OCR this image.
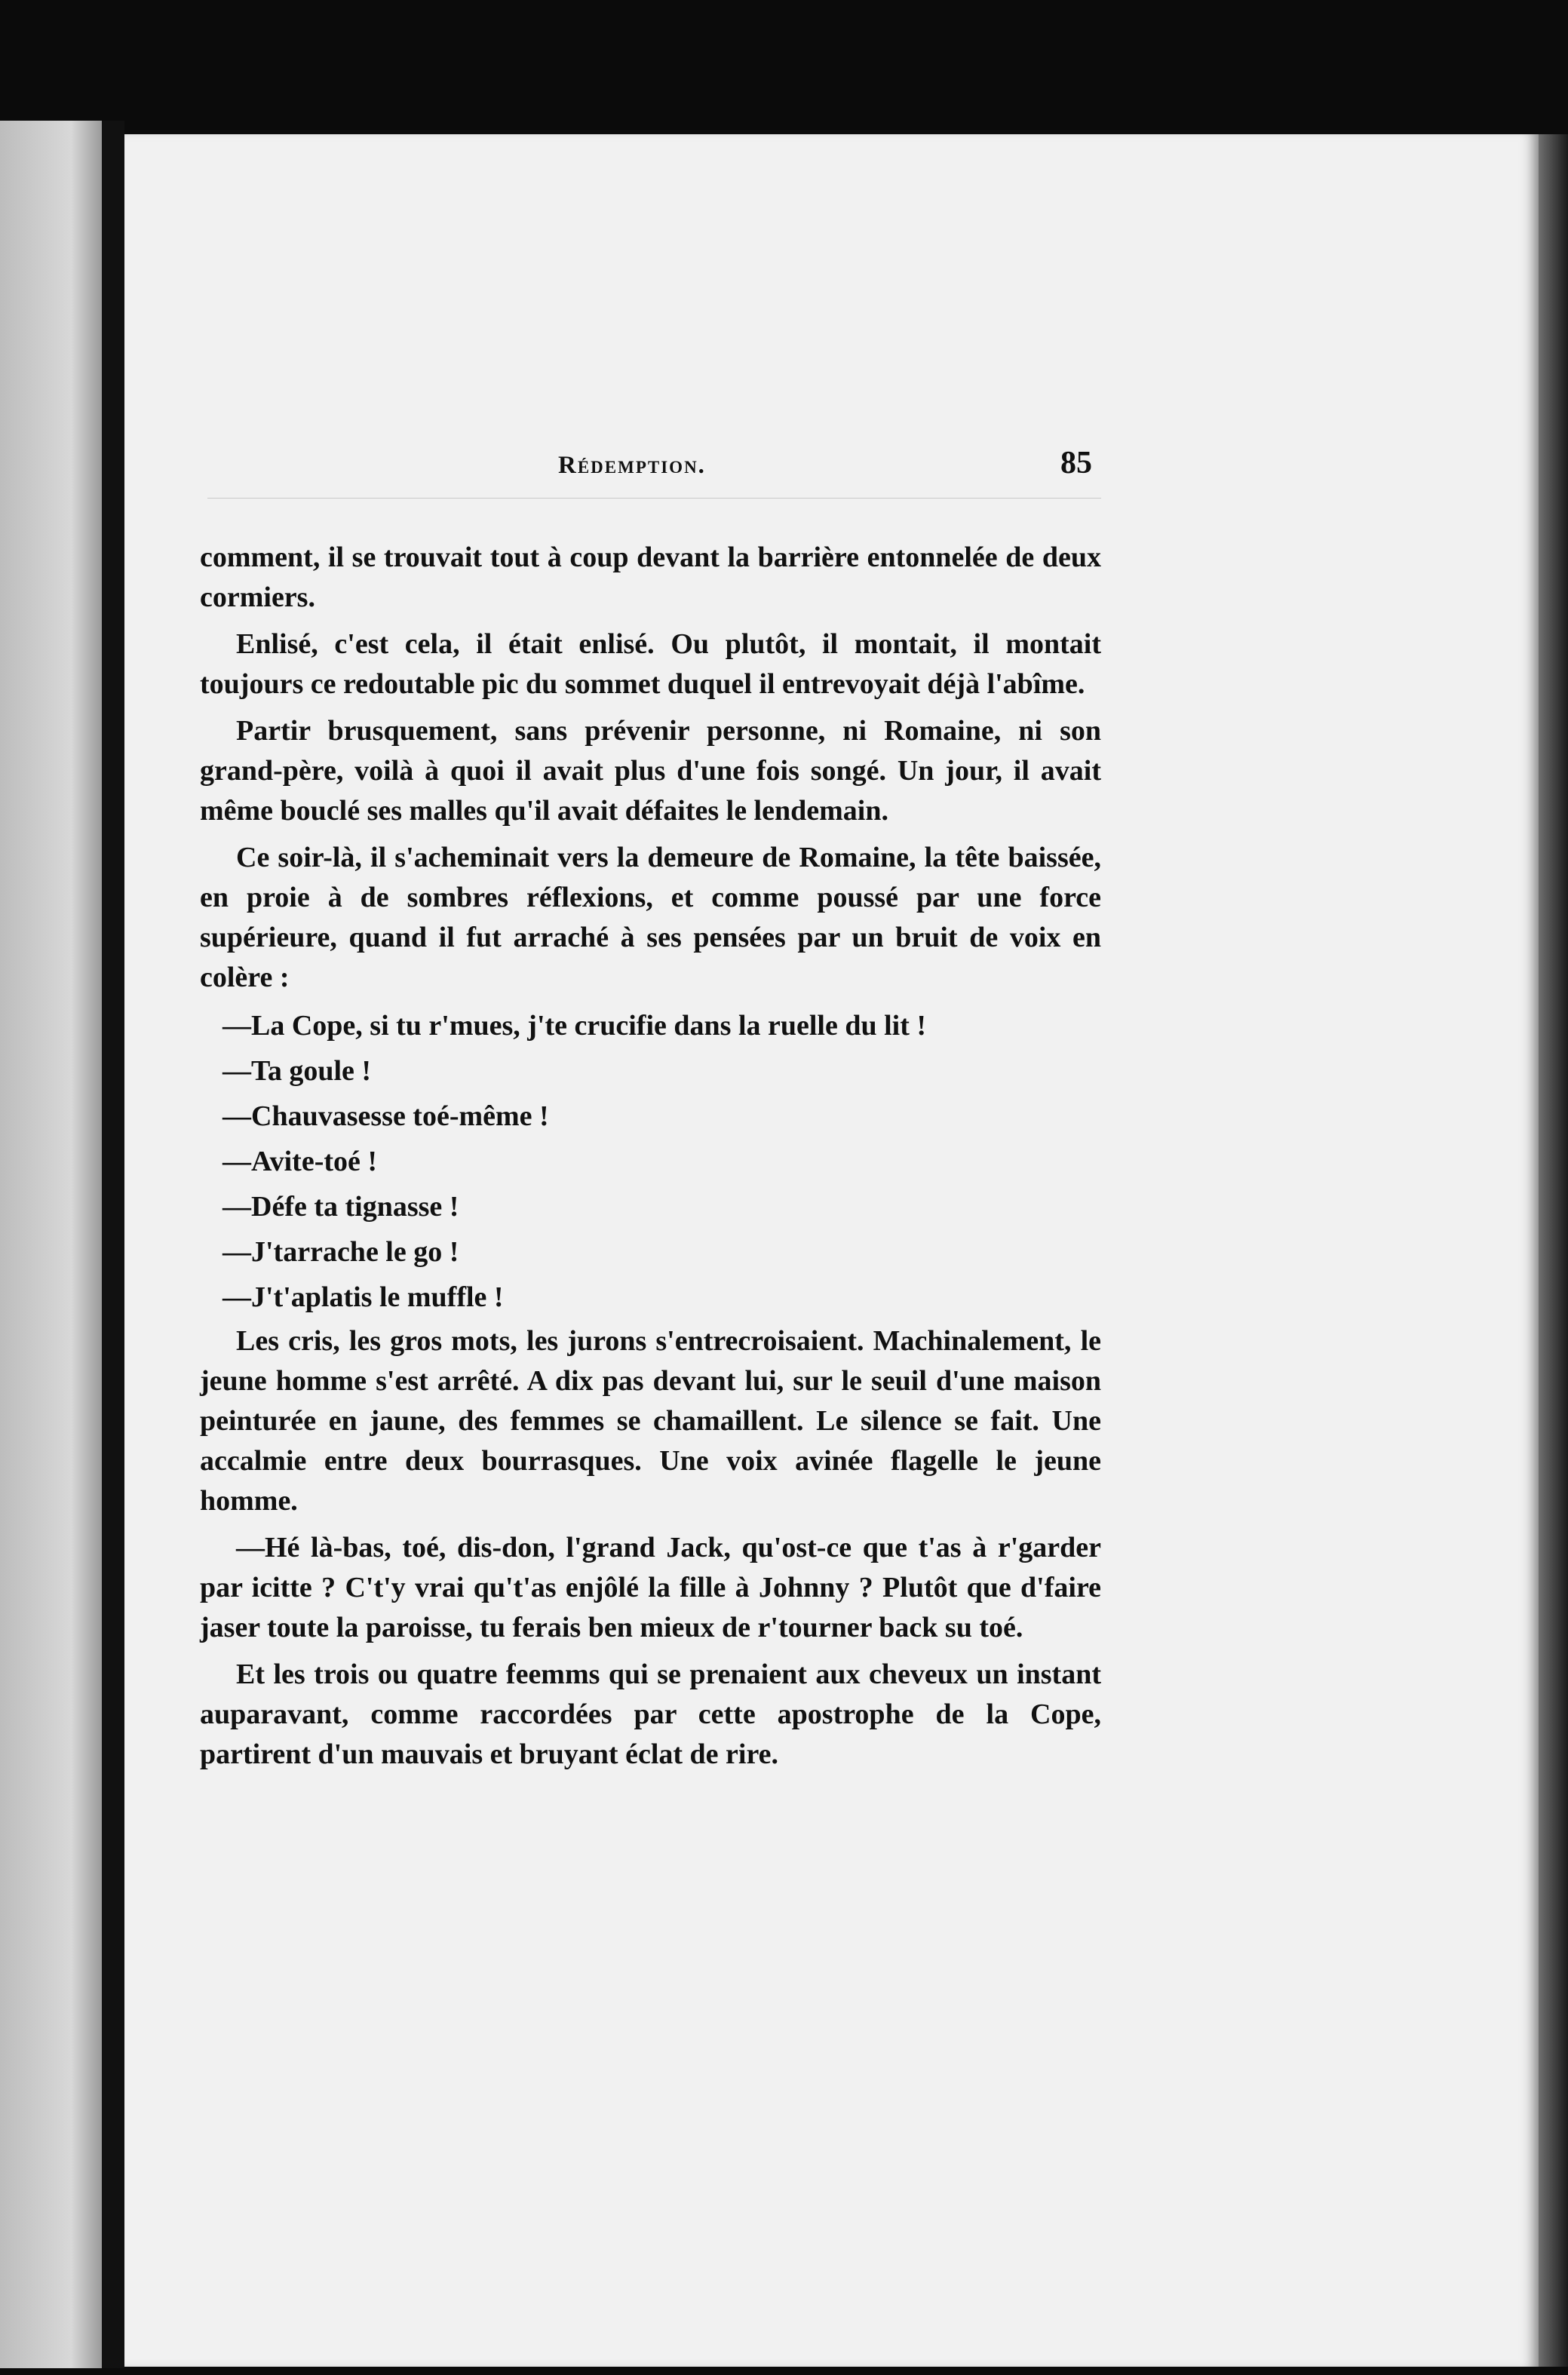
Rédemption.	85

comment, il se trouvait tout à coup devant la barrière entonnelée de deux cormiers.

Enlisé, c'est cela, il était enlisé. Ou plutôt, il montait, il montait toujours ce redoutable pic du sommet duquel il entrevoyait déjà l'abîme.

Partir brusquement, sans prévenir personne, ni Romaine, ni son grand-père, voilà à quoi il avait plus d'une fois songé. Un jour, il avait même bouclé ses malles qu'il avait défaites le lendemain.

Ce soir-là, il s'acheminait vers la demeure de Romaine, la tête baissée, en proie à de sombres réflexions, et comme poussé par une force supérieure, quand il fut arraché à ses pensées par un bruit de voix en colère :

—La Cope, si tu r'mues, j'te crucifie dans la ruelle du lit !
—Ta goule !
—Chauvasesse toé-même !
—Avite-toé !
—Défe ta tignasse !
—J'tarrache le go !
—J't'aplatis le muffle !

Les cris, les gros mots, les jurons s'entrecroisaient. Machinalement, le jeune homme s'est arrêté. A dix pas devant lui, sur le seuil d'une maison peinturée en jaune, des femmes se chamaillent. Le silence se fait. Une accalmie entre deux bourrasques. Une voix avinée flagelle le jeune homme.

—Hé là-bas, toé, dis-don, l'grand Jack, qu'ost-ce que t'as à r'garder par icitte ? C't'y vrai qu't'as enjôlé la fille à Johnny ? Plutôt que d'faire jaser toute la paroisse, tu ferais ben mieux de r'tourner back su toé.

Et les trois ou quatre feemms qui se prenaient aux cheveux un instant auparavant, comme raccordées par cette apostrophe de la Cope, partirent d'un mauvais et bruyant éclat de rire.
